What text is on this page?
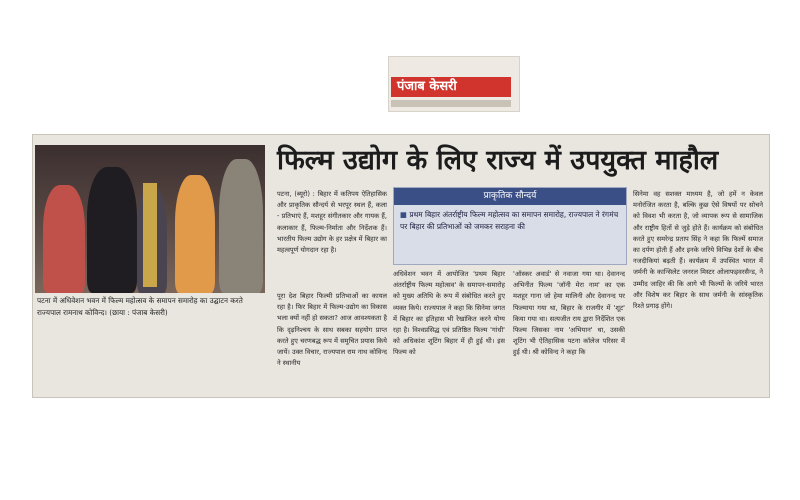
पंजाब केसरी
पटना में अधिवेशन भवन में फिल्म महोत्सव के समापन समारोह का उद्घाटन करते राज्यपाल रामनाथ कोविन्द। (छाया : पंजाब केसरी)
फिल्म उद्योग के लिए राज्य में उपयुक्त माहौल

पटना, (ब्यूरो) : बिहार में कतिपय ऐतिहासिक और प्राकृतिक सौन्दर्य से भरपूर स्थल हैं, कला - प्रतिभाएं हैं, मशहूर संगीतकार और गायक हैं, कलाकार हैं, फिल्म-निर्माता और निर्देशक हैं। भारतीय फिल्म उद्योग के हर प्रक्षेत्र में बिहार का महत्वपूर्ण योगदान रहा है।

पूरा देश बिहार फिल्मी प्रतिभाओं का कायल रहा है। फिर बिहार में फिल्म-उद्योग का विकास भला क्यों नहीं हो सकता? आज आवश्यकता है कि दृढ़निश्चय के साथ सबका सहयोग प्राप्त करते हुए चरणबद्ध रूप में समुचित प्रयास किये जायें। उक्त विचार, राज्यपाल राम नाथ कोविन्द ने स्थानीय

प्राकृतिक सौन्दर्य
■ प्रथम बिहार अंतर्राष्ट्रीय फिल्म महोत्सव का समापन समारोह, राज्यपाल ने रंगमंच पर बिहार की प्रतिभाओं को जमकर सराहना की

अधिवेशन भवन में आयोजित 'प्रथम बिहार अंतर्राष्ट्रीय फिल्म महोत्सव' के समापन-समारोह को मुख्य अतिथि के रूप में संबोधित करते हुए व्यक्त किये। राज्यपाल ने कहा कि सिनेमा जगत में बिहार का इतिहास भी रेखांकित करने योग्य रहा है। विश्वप्रसिद्ध एवं प्रतिष्ठित फिल्म 'गांधी' को अधिकांश शूटिंग बिहार में ही हुई थी। इस फिल्म को

'ऑस्कर अवार्ड' से नवाजा गया था। देवानन्द अभिनीत फिल्म 'जॉनी मेरा नाम' का एक मशहूर गाना जो हेमा मालिनी और देवानन्द पर फिल्माया गया था, बिहार के राजगीर में 'शूट' किया गया था। सत्यजीत राय द्वारा निर्देशित एक फिल्म जिसका नाम 'अभियान' था, उसकी शूटिंग भी ऐतिहासिक पटना कॉलेज परिसर में हुई थी। श्री कोविन्द ने कहा कि

सिनेमा वह सशक्त माध्यम है, जो हमें न केवल मनोरंजित करता है, बल्कि कुछ ऐसे विषयों पर सोचने को विवश भी करता है, जो व्यापक रूप से सामाजिक और राष्ट्रीय हितों से जुड़े होते हैं। कार्यक्रम को संबोधित करते हुए समरेन्द्र प्रताप सिंह ने कहा कि फिल्में समाज का दर्पण होती हैं और इनके जरिये विभिन्न देशों के बीच नजदीकियां बढ़ती हैं। कार्यक्रम में उपस्थित भारत में जर्मनी के कान्सिलेट जनरल मिस्टर ओलाफइवरसैन्ड, ने उम्मीद जाहिर की कि आगे भी फिल्मों के जरिये भारत और विशेष कर बिहार के साथ जर्मनी के सांस्कृतिक रिश्ते प्रगाढ़ होंगे।
